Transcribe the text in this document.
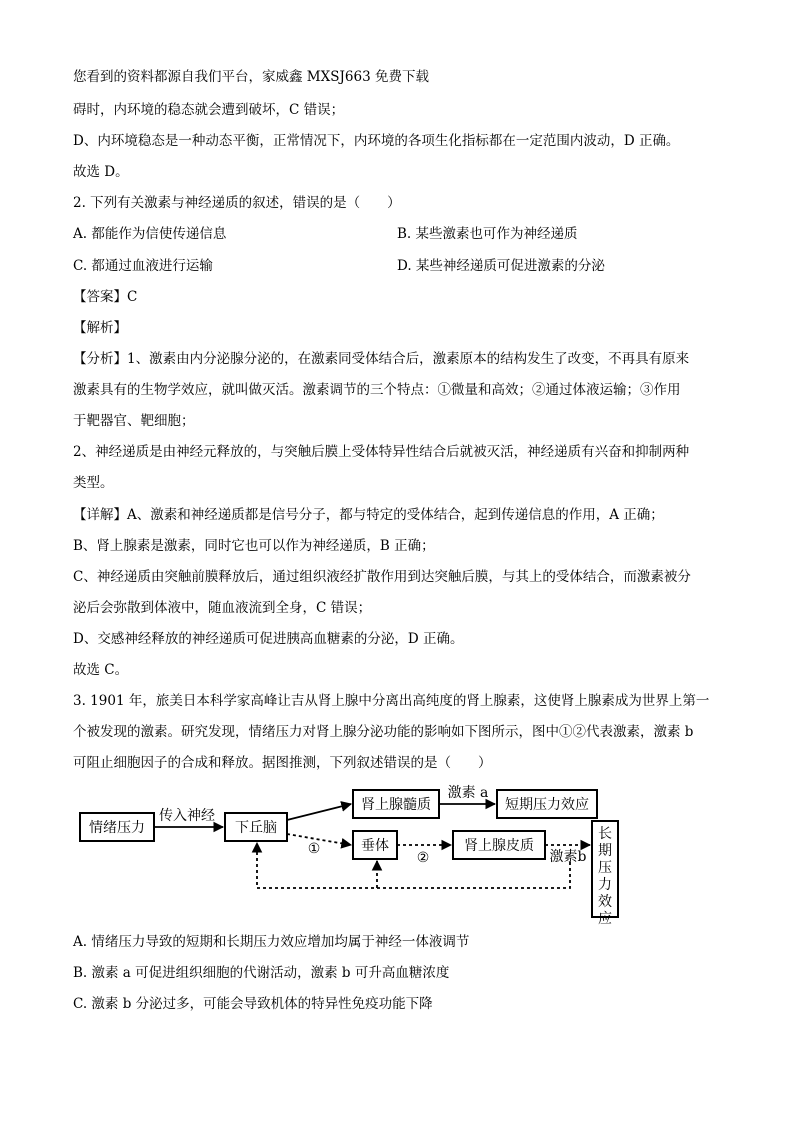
您看到的资料都源自我们平台，家威鑫 MXSJ663 免费下载
碍时，内环境的稳态就会遭到破坏，C 错误；
D、内环境稳态是一种动态平衡，正常情况下，内环境的各项生化指标都在一定范围内波动，D 正确。
故选 D。
2. 下列有关激素与神经递质的叙述，错误的是（　　）
A. 都能作为信使传递信息	B. 某些激素也可作为神经递质
C. 都通过血液进行运输	D. 某些神经递质可促进激素的分泌
【答案】C
【解析】
【分析】1、激素由内分泌腺分泌的，在激素同受体结合后，激素原本的结构发生了改变，不再具有原来
激素具有的生物学效应，就叫做灭活。激素调节的三个特点：①微量和高效；②通过体液运输；③作用
于靶器官、靶细胞；
2、神经递质是由神经元释放的，与突触后膜上受体特异性结合后就被灭活，神经递质有兴奋和抑制两种
类型。
【详解】A、激素和神经递质都是信号分子，都与特定的受体结合，起到传递信息的作用，A 正确；
B、肾上腺素是激素，同时它也可以作为神经递质，B 正确；
C、神经递质由突触前膜释放后，通过组织液经扩散作用到达突触后膜，与其上的受体结合，而激素被分
泌后会弥散到体液中，随血液流到全身，C 错误；
D、交感神经释放的神经递质可促进胰高血糖素的分泌，D 正确。
故选 C。
3. 1901 年，旅美日本科学家高峰让吉从肾上腺中分离出高纯度的肾上腺素，这使肾上腺素成为世界上第一
个被发现的激素。研究发现，情绪压力对肾上腺分泌功能的影响如下图所示，图中①②代表激素，激素 b
可阻止细胞因子的合成和释放。据图推测，下列叙述错误的是（　　）
情绪压力	下丘脑
肾上腺髓质	短期压力效应
垂体	肾上腺皮质
长期压力效应
传入神经
激素 a
①
②	激素b
A. 情绪压力导致的短期和长期压力效应增加均属于神经一体液调节
B. 激素 a 可促进组织细胞的代谢活动，激素 b 可升高血糖浓度
C. 激素 b 分泌过多，可能会导致机体的特异性免疫功能下降
